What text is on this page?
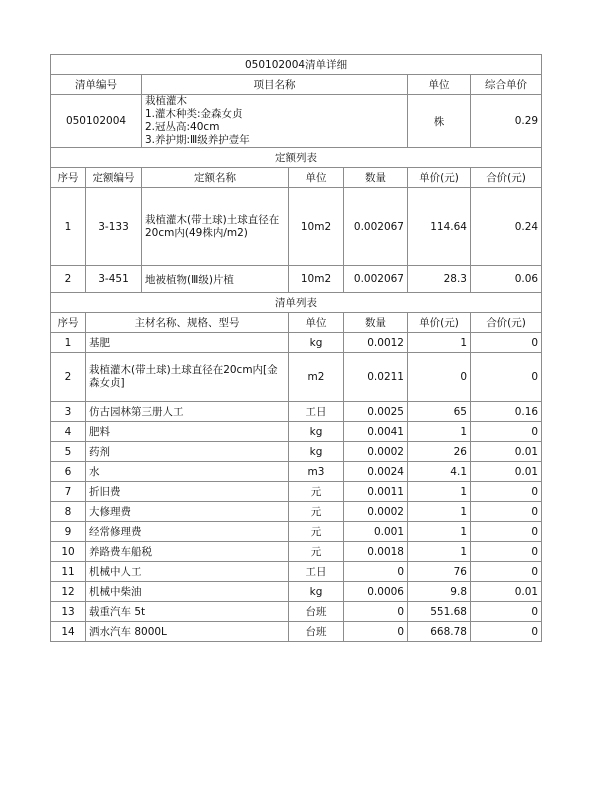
050102004清单详细						
清单编号		项目名称			单位	综合单价
050102004		栽植灌木
1.灌木种类:金森女贞
2.冠丛高:40cm
3.养护期:Ⅲ级养护壹年			株	0.29
定额列表						
序号	定额编号	定额名称	单位	数量	单价(元)	合价(元)
1	3-133	栽植灌木(带土球)土球直径在20cm内(49株内/m2)	10m2	0.002067	114.64	0.24
2	3-451	地被植物(Ⅲ级)片植	10m2	0.002067	28.3	0.06
清单列表						
序号	主材名称、规格、型号		单位	数量	单价(元)	合价(元)
1	基肥		kg	0.0012	1	0
2	栽植灌木(带土球)土球直径在20cm内[金森女贞]		m2	0.0211	0	0
3	仿古园林第三册人工		工日	0.0025	65	0.16
4	肥料		kg	0.0041	1	0
5	药剂		kg	0.0002	26	0.01
6	水		m3	0.0024	4.1	0.01
7	折旧费		元	0.0011	1	0
8	大修理费		元	0.0002	1	0
9	经常修理费		元	0.001	1	0
10	养路费车船税		元	0.0018	1	0
11	机械中人工		工日	0	76	0
12	机械中柴油		kg	0.0006	9.8	0.01
13	载重汽车 5t		台班	0	551.68	0
14	洒水汽车 8000L		台班	0	668.78	0
